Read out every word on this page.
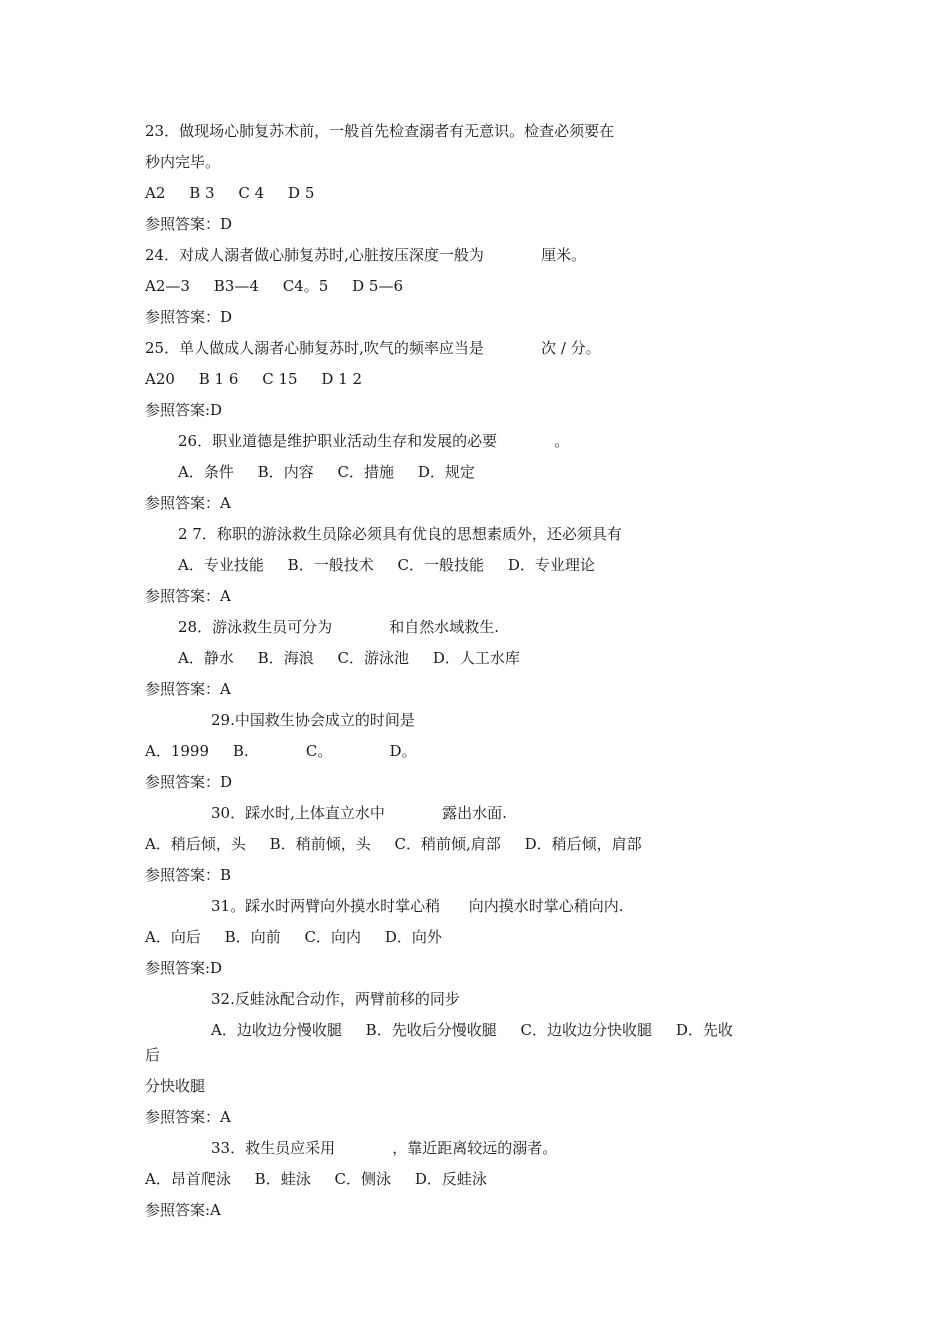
23．做现场心肺复苏术前，一般首先检查溺者有无意识。检查必须要在
秒内完毕。
A2     B 3     C 4     D 5
参照答案：D
24．对成人溺者做心肺复苏时,心脏按压深度一般为            厘米。
A2—3     B3—4     C4。5     D 5—6
参照答案：D
25．单人做成人溺者心肺复苏时,吹气的频率应当是            次 / 分。
A20     B 1 6     C 15     D 1 2
参照答案:D
26．职业道德是维护职业活动生存和发展的必要            。
A．条件     B．内容     C．措施     D．规定
参照答案：A
2 7．称职的游泳救生员除必须具有优良的思想素质外，还必须具有
A．专业技能     B．一般技术     C．一般技能     D．专业理论
参照答案：A
28．游泳救生员可分为            和自然水域救生.
A．静水     B．海浪     C．游泳池     D．人工水库
参照答案：A
29.中国救生协会成立的时间是
A．1999     B.            C。            D。
参照答案：D
30．踩水时,上体直立水中            露出水面.
A．稍后倾，头     B．稍前倾，头     C．稍前倾,肩部     D．稍后倾，肩部
参照答案：B
31。踩水时两臂向外摸水时掌心稍      向内摸水时掌心稍向内.
A．向后     B．向前     C．向内     D．向外
参照答案:D
32.反蛙泳配合动作，两臂前移的同步
A．边收边分慢收腿     B．先收后分慢收腿     C．边收边分快收腿     D．先收
后
分快收腿
参照答案：A
33．救生员应采用            ，靠近距离较远的溺者。
A．昂首爬泳     B．蛙泳     C．侧泳     D．反蛙泳
参照答案:A
